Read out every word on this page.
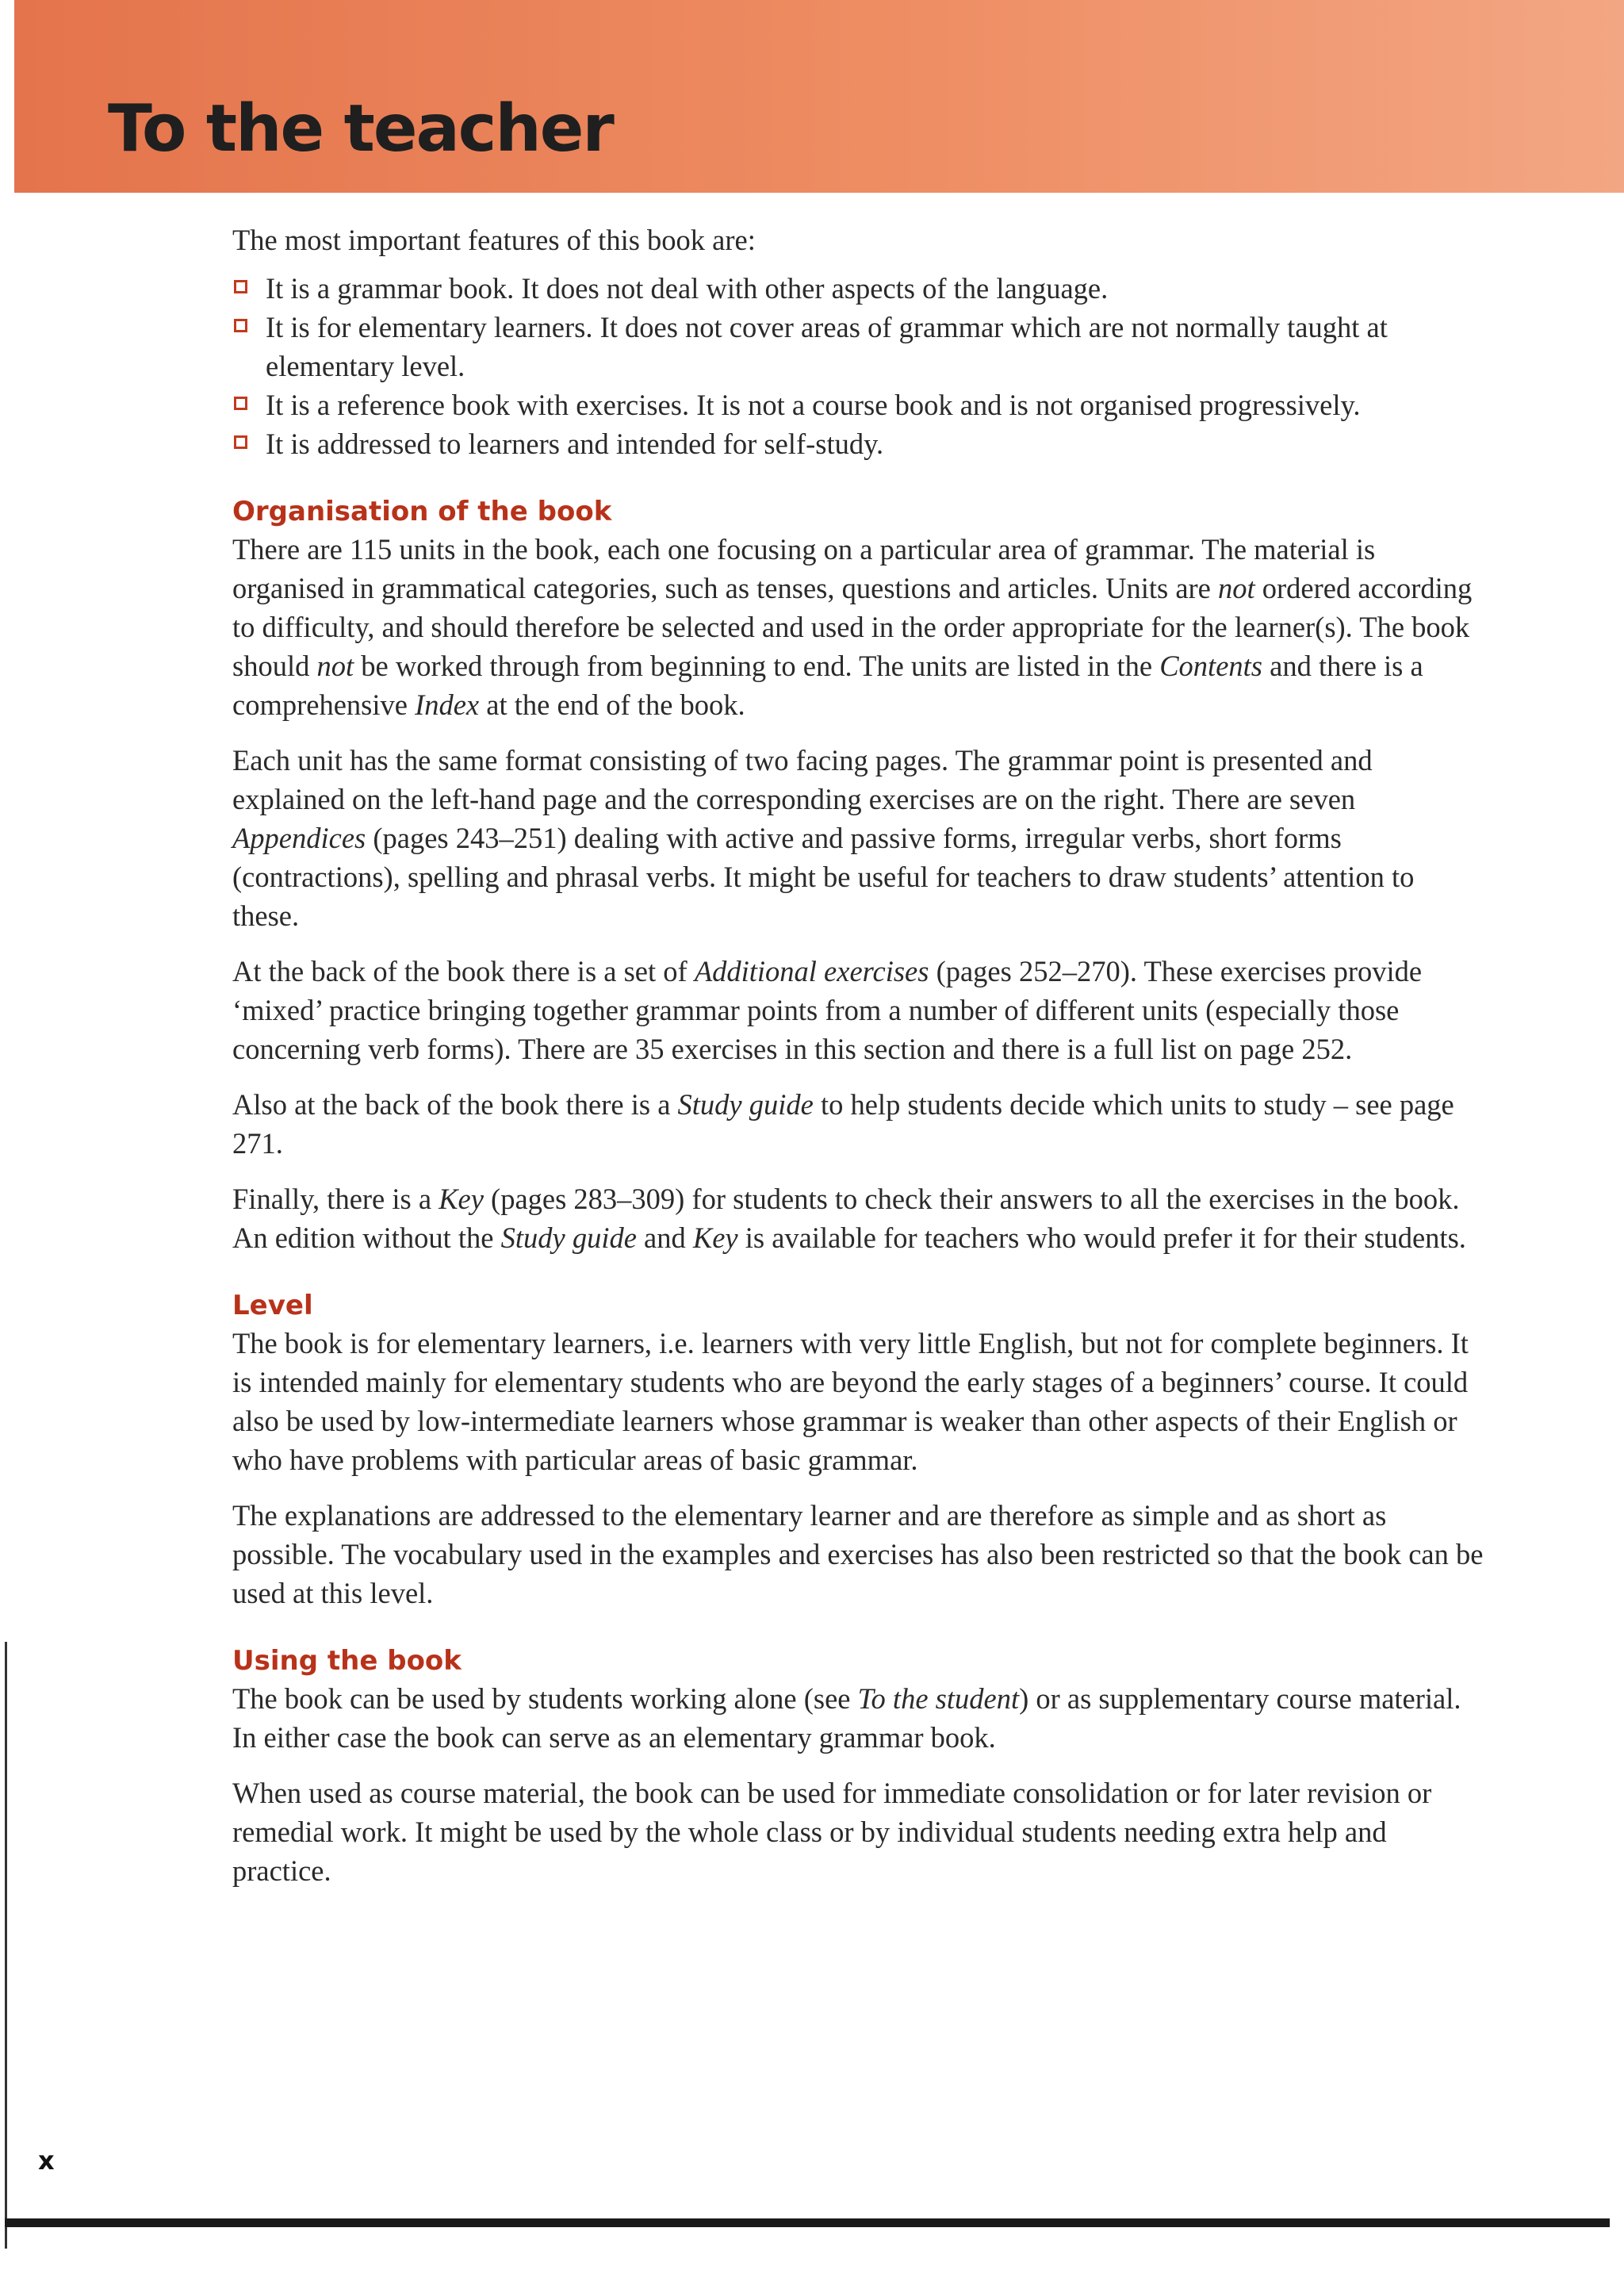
To the teacher

The most important features of this book are:

It is a grammar book. It does not deal with other aspects of the language.
It is for elementary learners. It does not cover areas of grammar which are not normally taught at elementary level.
It is a reference book with exercises. It is not a course book and is not organised progressively.
It is addressed to learners and intended for self-study.
Organisation of the book

There are 115 units in the book, each one focusing on a particular area of grammar. The material is organised in grammatical categories, such as tenses, questions and articles. Units are not ordered according to difficulty, and should therefore be selected and used in the order appropriate for the learner(s). The book should not be worked through from beginning to end. The units are listed in the Contents and there is a comprehensive Index at the end of the book.

Each unit has the same format consisting of two facing pages. The grammar point is presented and explained on the left-hand page and the corresponding exercises are on the right. There are seven Appendices (pages 243–251) dealing with active and passive forms, irregular verbs, short forms (contractions), spelling and phrasal verbs. It might be useful for teachers to draw students’ attention to these.

At the back of the book there is a set of Additional exercises (pages 252–270). These exercises provide ‘mixed’ practice bringing together grammar points from a number of different units (especially those concerning verb forms). There are 35 exercises in this section and there is a full list on page 252.

Also at the back of the book there is a Study guide to help students decide which units to study – see page 271.

Finally, there is a Key (pages 283–309) for students to check their answers to all the exercises in the book. An edition without the Study guide and Key is available for teachers who would prefer it for their students.

Level

The book is for elementary learners, i.e. learners with very little English, but not for complete beginners. It is intended mainly for elementary students who are beyond the early stages of a beginners’ course. It could also be used by low-intermediate learners whose grammar is weaker than other aspects of their English or who have problems with particular areas of basic grammar.

The explanations are addressed to the elementary learner and are therefore as simple and as short as possible. The vocabulary used in the examples and exercises has also been restricted so that the book can be used at this level.

Using the book

The book can be used by students working alone (see To the student) or as supplementary course material. In either case the book can serve as an elementary grammar book.

When used as course material, the book can be used for immediate consolidation or for later revision or remedial work. It might be used by the whole class or by individual students needing extra help and practice.

x
